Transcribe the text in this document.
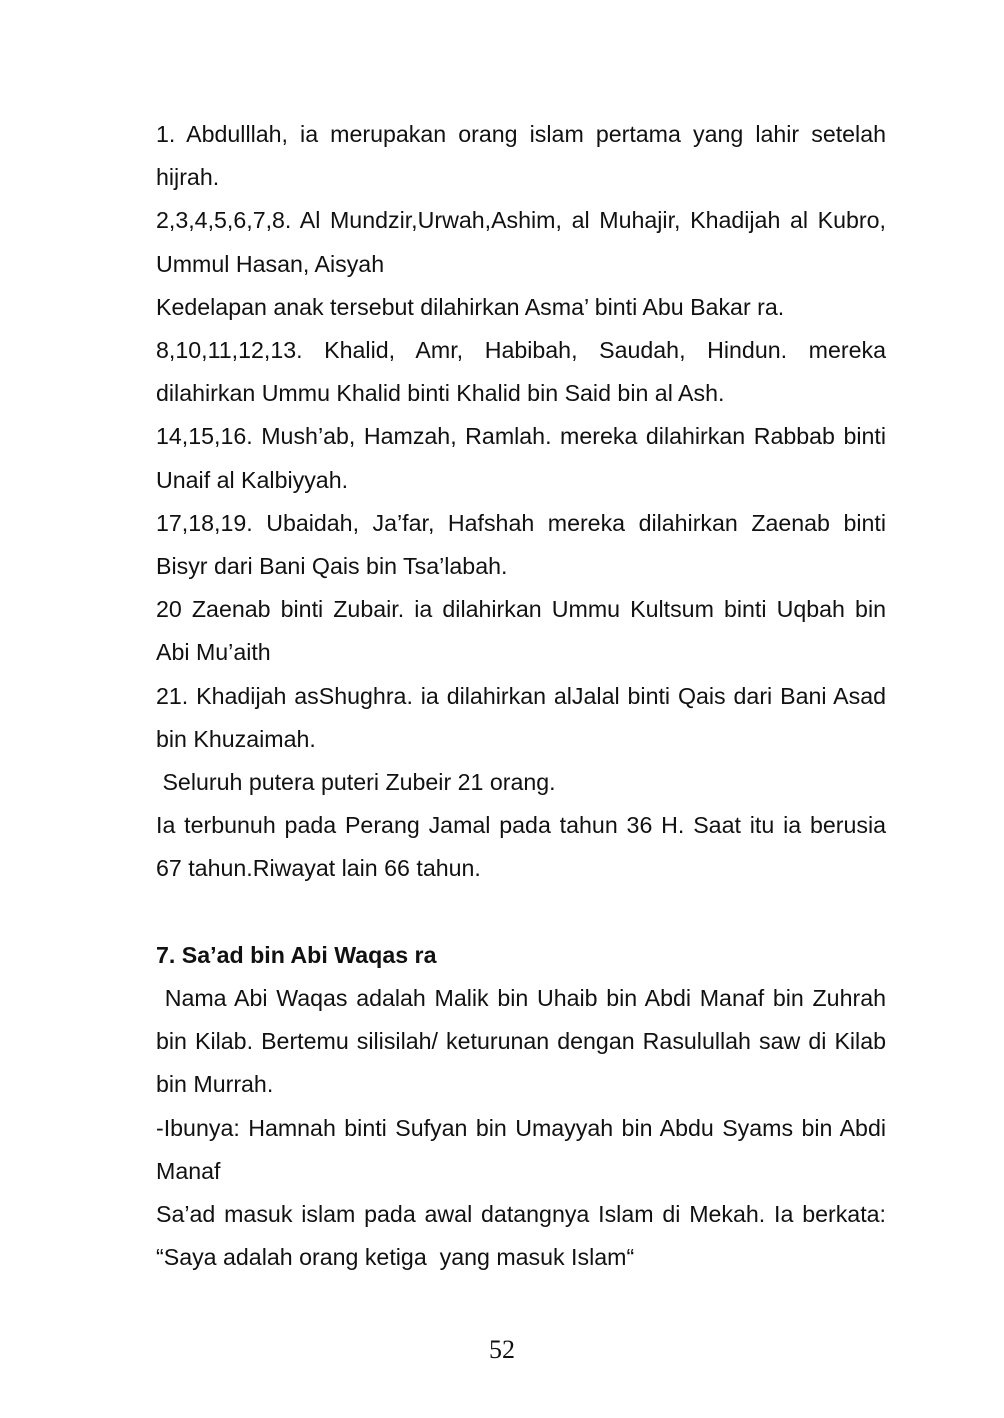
1. Abdulllah, ia merupakan orang islam pertama yang lahir setelah hijrah.

2,3,4,5,6,7,8. Al Mundzir,Urwah,Ashim, al Muhajir, Khadijah al Kubro, Ummul Hasan, Aisyah

Kedelapan anak tersebut dilahirkan Asma’ binti Abu Bakar ra.

8,10,11,12,13. Khalid, Amr, Habibah, Saudah, Hindun. mereka dilahirkan Ummu Khalid binti Khalid bin Said bin al Ash.

14,15,16. Mush’ab, Hamzah, Ramlah. mereka dilahirkan Rabbab binti Unaif al Kalbiyyah.

17,18,19. Ubaidah, Ja’far, Hafshah mereka dilahirkan Zaenab binti Bisyr dari Bani Qais bin Tsa’labah.

20 Zaenab binti Zubair. ia dilahirkan Ummu Kultsum binti Uqbah bin Abi Mu’aith

21. Khadijah asShughra. ia dilahirkan alJalal binti Qais dari Bani Asad bin Khuzaimah.

Seluruh putera puteri Zubeir 21 orang.

Ia terbunuh pada Perang Jamal pada tahun 36 H. Saat itu ia berusia 67 tahun.Riwayat lain 66 tahun.

7. Sa’ad bin Abi Waqas ra

Nama Abi Waqas adalah Malik bin Uhaib bin Abdi Manaf bin Zuhrah bin Kilab. Bertemu silisilah/ keturunan dengan Rasulullah saw di Kilab bin Murrah.

-Ibunya: Hamnah binti Sufyan bin Umayyah bin Abdu Syams bin Abdi Manaf

Sa’ad masuk islam pada awal datangnya Islam di Mekah. Ia berkata: “Saya adalah orang ketiga  yang masuk Islam“

52
